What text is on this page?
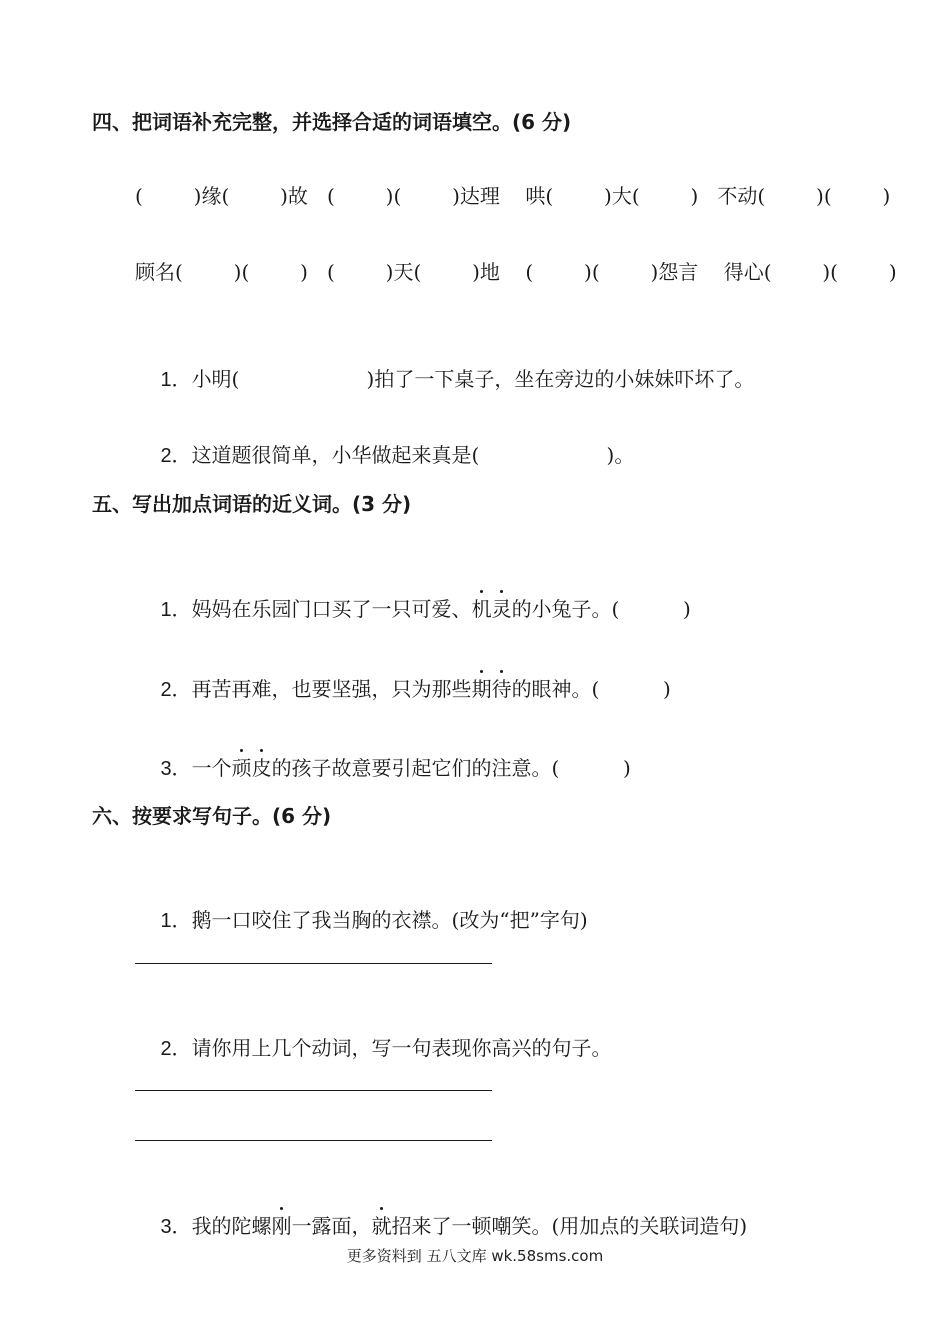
四、把词语补充完整，并选择合适的词语填空。(6 分)
(        )缘(        )故   (        )(        )达理    哄(        )大(        )   不动(        )(        )
顾名(        )(        )   (        )天(        )地    (        )(        )怨言    得心(        )(        )

1．小明(                    )拍了一下桌子，坐在旁边的小妹妹吓坏了。

2．这道题很简单，小华做起来真是(                    )。

五、写出加点词语的近义词。(3 分)

1．妈妈在乐园门口买了一只可爱、机灵的小兔子。(          )

2．再苦再难，也要坚强，只为那些期待的眼神。(          )

3．一个顽皮的孩子故意要引起它们的注意。(          )

六、按要求写句子。(6 分)

1．鹅一口咬住了我当胸的衣襟。(改为“把”字句)

2．请你用上几个动词，写一句表现你高兴的句子。

3．我的陀螺刚一露面，就招来了一顿嘲笑。(用加点的关联词造句)

更多资料到 五八文库 wk.58sms.com
